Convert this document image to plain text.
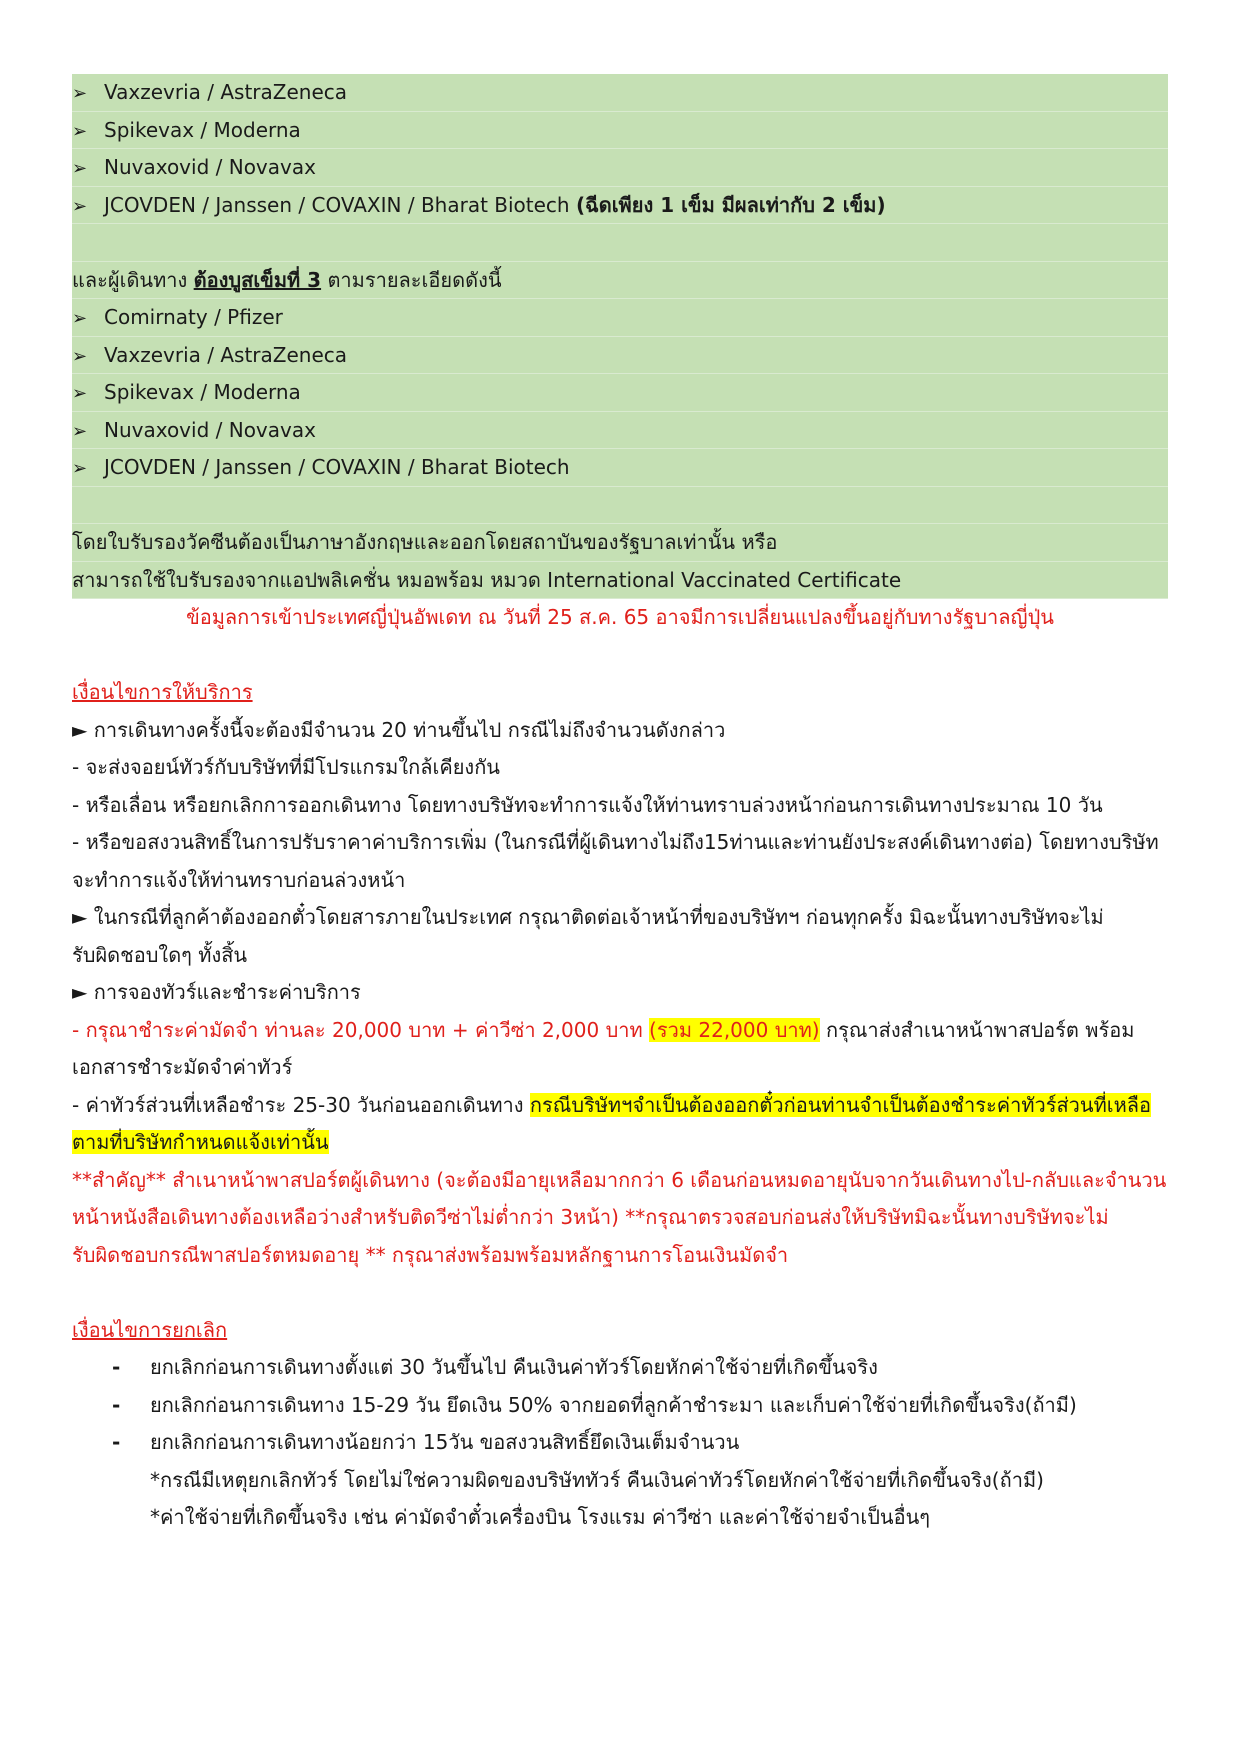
➢ Vaxzevria / AstraZeneca
➢ Spikevax / Moderna
➢ Nuvaxovid / Novavax
➢ JCOVDEN / Janssen / COVAXIN / Bharat Biotech (ฉีดเพียง 1 เข็ม มีผลเท่ากับ 2 เข็ม)
และผู้เดินทาง ต้องบูสเข็มที่ 3 ตามรายละเอียดดังนี้
➢ Comirnaty / Pfizer
➢ Vaxzevria / AstraZeneca
➢ Spikevax / Moderna
➢ Nuvaxovid / Novavax
➢ JCOVDEN / Janssen / COVAXIN / Bharat Biotech
โดยใบรับรองวัคซีนต้องเป็นภาษาอังกฤษและออกโดยสถาบันของรัฐบาลเท่านั้น หรือ
สามารถใช้ใบรับรองจากแอปพลิเคชั่น หมอพร้อม หมวด International Vaccinated Certificate
ข้อมูลการเข้าประเทศญี่ปุ่นอัพเดท ณ วันที่ 25 ส.ค. 65 อาจมีการเปลี่ยนแปลงขึ้นอยู่กับทางรัฐบาลญี่ปุ่น
เงื่อนไขการให้บริการ
► การเดินทางครั้งนี้จะต้องมีจำนวน 20 ท่านขึ้นไป กรณีไม่ถึงจำนวนดังกล่าว
- จะส่งจอยน์ทัวร์กับบริษัทที่มีโปรแกรมใกล้เคียงกัน
- หรือเลื่อน หรือยกเลิกการออกเดินทาง โดยทางบริษัทจะทำการแจ้งให้ท่านทราบล่วงหน้าก่อนการเดินทางประมาณ 10 วัน
- หรือขอสงวนสิทธิ์ในการปรับราคาค่าบริการเพิ่ม (ในกรณีที่ผู้เดินทางไม่ถึง15ท่านและท่านยังประสงค์เดินทางต่อ) โดยทางบริษัท
จะทำการแจ้งให้ท่านทราบก่อนล่วงหน้า
► ในกรณีที่ลูกค้าต้องออกตั๋วโดยสารภายในประเทศ กรุณาติดต่อเจ้าหน้าที่ของบริษัทฯ ก่อนทุกครั้ง มิฉะนั้นทางบริษัทจะไม่
รับผิดชอบใดๆ ทั้งสิ้น
► การจองทัวร์และชำระค่าบริการ
- กรุณาชำระค่ามัดจำ ท่านละ 20,000 บาท + ค่าวีซ่า 2,000 บาท (รวม 22,000 บาท) กรุณาส่งสำเนาหน้าพาสปอร์ต พร้อม
เอกสารชำระมัดจำค่าทัวร์
- ค่าทัวร์ส่วนที่เหลือชำระ 25-30 วันก่อนออกเดินทาง กรณีบริษัทฯจำเป็นต้องออกตั๋วก่อนท่านจำเป็นต้องชำระค่าทัวร์ส่วนที่เหลือ
ตามที่บริษัทกำหนดแจ้งเท่านั้น
**สำคัญ** สำเนาหน้าพาสปอร์ตผู้เดินทาง (จะต้องมีอายุเหลือมากกว่า 6 เดือนก่อนหมดอายุนับจากวันเดินทางไป-กลับและจำนวน
หน้าหนังสือเดินทางต้องเหลือว่างสำหรับติดวีซ่าไม่ต่ำกว่า 3หน้า) **กรุณาตรวจสอบก่อนส่งให้บริษัทมิฉะนั้นทางบริษัทจะไม่
รับผิดชอบกรณีพาสปอร์ตหมดอายุ ** กรุณาส่งพร้อมพร้อมหลักฐานการโอนเงินมัดจำ
เงื่อนไขการยกเลิก
- ยกเลิกก่อนการเดินทางตั้งแต่ 30 วันขึ้นไป คืนเงินค่าทัวร์โดยหักค่าใช้จ่ายที่เกิดขึ้นจริง
- ยกเลิกก่อนการเดินทาง 15-29 วัน ยึดเงิน 50% จากยอดที่ลูกค้าชำระมา และเก็บค่าใช้จ่ายที่เกิดขึ้นจริง(ถ้ามี)
- ยกเลิกก่อนการเดินทางน้อยกว่า 15วัน ขอสงวนสิทธิ์ยึดเงินเต็มจำนวน
*กรณีมีเหตุยกเลิกทัวร์ โดยไม่ใช่ความผิดของบริษัททัวร์ คืนเงินค่าทัวร์โดยหักค่าใช้จ่ายที่เกิดขึ้นจริง(ถ้ามี)
*ค่าใช้จ่ายที่เกิดขึ้นจริง เช่น ค่ามัดจำตั๋วเครื่องบิน โรงแรม ค่าวีซ่า และค่าใช้จ่ายจำเป็นอื่นๆ
